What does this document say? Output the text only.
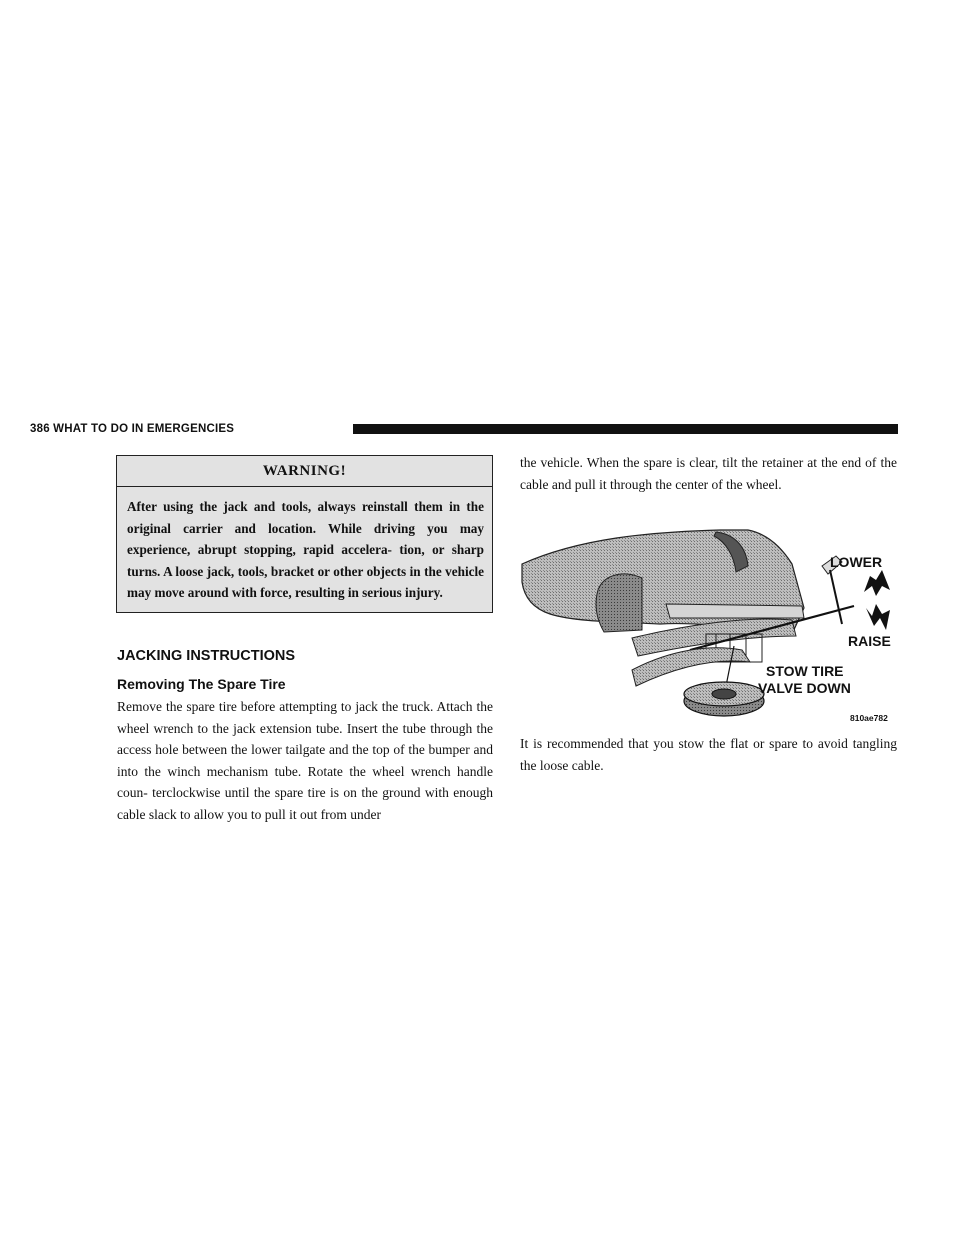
386 WHAT TO DO IN EMERGENCIES
WARNING!
After using the jack and tools, always reinstall them in the original carrier and location. While driving you may experience, abrupt stopping, rapid accelera- tion, or sharp turns. A loose jack, tools, bracket or other objects in the vehicle may move around with force, resulting in serious injury.
JACKING INSTRUCTIONS
Removing The Spare Tire

Remove the spare tire before attempting to jack the truck. Attach the wheel wrench to the jack extension tube. Insert the tube through the access hole between the lower tailgate and the top of the bumper and into the winch mechanism tube. Rotate the wheel wrench handle coun- terclockwise until the spare tire is on the ground with enough cable slack to allow you to pull it out from under

the vehicle. When the spare is clear, tilt the retainer at the end of the cable and pull it through the center of the wheel.

LOWER
RAISE
STOW TIRE
VALVE DOWN
810ae782

It is recommended that you stow the flat or spare to avoid tangling the loose cable.
